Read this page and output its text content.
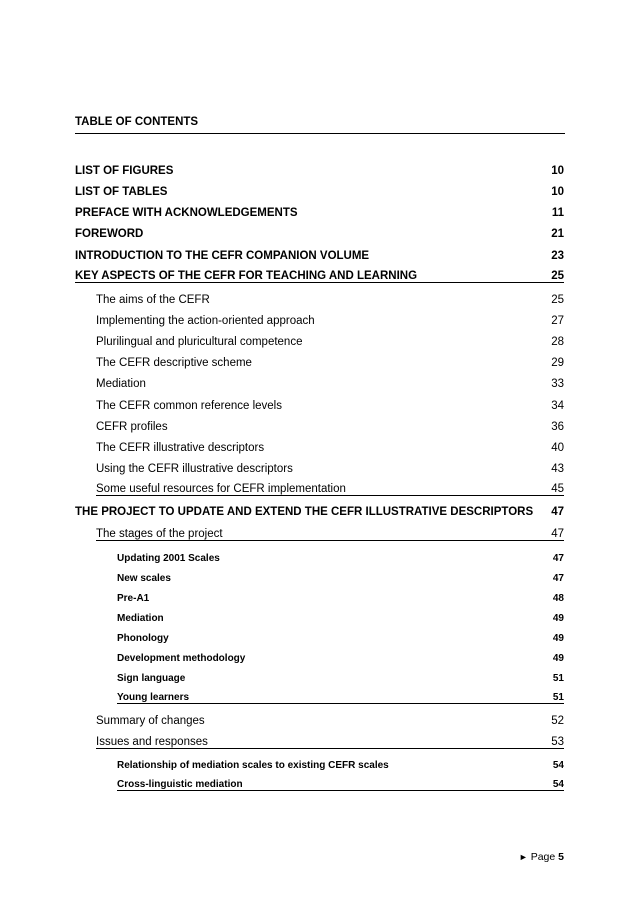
TABLE OF CONTENTS
LIST OF FIGURES	10
LIST OF TABLES	10
PREFACE WITH ACKNOWLEDGEMENTS	11
FOREWORD	21
INTRODUCTION TO THE CEFR COMPANION VOLUME	23
KEY ASPECTS OF THE CEFR FOR TEACHING AND LEARNING	25
The aims of the CEFR	25
Implementing the action-oriented approach	27
Plurilingual and pluricultural competence	28
The CEFR descriptive scheme	29
Mediation	33
The CEFR common reference levels	34
CEFR profiles	36
The CEFR illustrative descriptors	40
Using the CEFR illustrative descriptors	43
Some useful resources for CEFR implementation	45
THE PROJECT TO UPDATE AND EXTEND THE CEFR ILLUSTRATIVE DESCRIPTORS 47
The stages of the project	47
Updating 2001 Scales	47
New scales	47
Pre-A1	48
Mediation	49
Phonology	49
Development methodology	49
Sign language	51
Young learners	51
Summary of changes	52
Issues and responses	53
Relationship of mediation scales to existing CEFR scales	54
Cross-linguistic mediation	54
► Page 5
